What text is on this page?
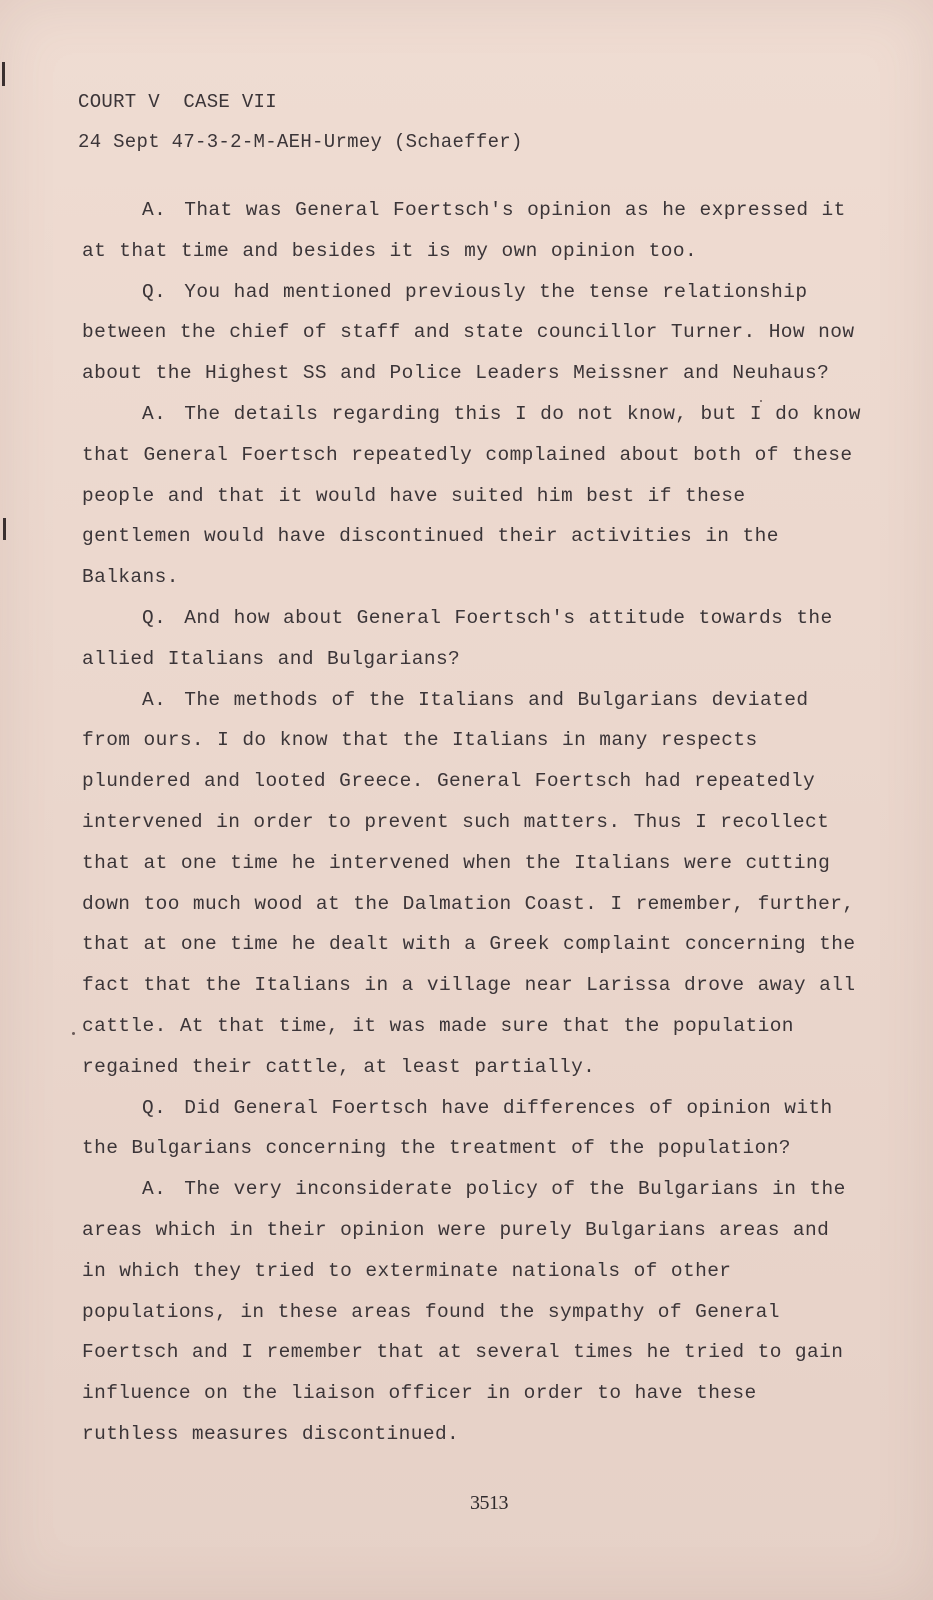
COURT V  CASE VII
24 Sept 47-3-2-M-AEH-Urmey (Schaeffer)

A. That was General Foertsch's opinion as he expressed it at that time and besides it is my own opinion too.

Q. You had mentioned previously the tense relationship between the chief of staff and state councillor Turner. How now about the Highest SS and Police Leaders Meissner and Neuhaus?

A. The details regarding this I do not know, but I do know that General Foertsch repeatedly complained about both of these people and that it would have suited him best if these gentlemen would have discontinued their activities in the Balkans.

Q. And how about General Foertsch's attitude towards the allied Italians and Bulgarians?

A. The methods of the Italians and Bulgarians deviated from ours. I do know that the Italians in many respects plundered and looted Greece. General Foertsch had repeatedly intervened in order to prevent such matters. Thus I recollect that at one time he intervened when the Italians were cutting down too much wood at the Dalmation Coast. I remember, further, that at one time he dealt with a Greek complaint concerning the fact that the Italians in a village near Larissa drove away all cattle. At that time, it was made sure that the population regained their cattle, at least partially.

Q. Did General Foertsch have differences of opinion with the Bulgarians concerning the treatment of the population?

A. The very inconsiderate policy of the Bulgarians in the areas which in their opinion were purely Bulgarians areas and in which they tried to exterminate nationals of other populations, in these areas found the sympathy of General Foertsch and I remember that at several times he tried to gain influence on the liaison officer in order to have these ruthless measures discontinued.

3513
